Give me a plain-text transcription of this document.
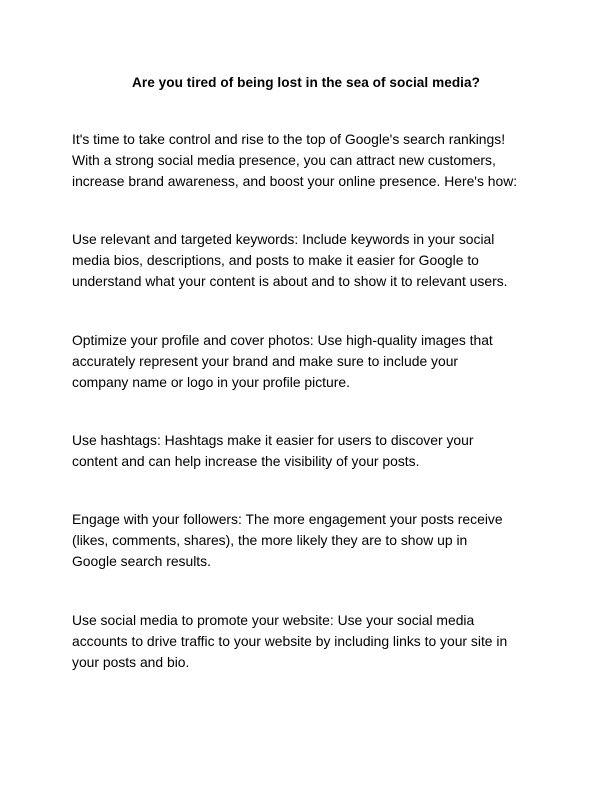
Are you tired of being lost in the sea of social media?
It's time to take control and rise to the top of Google's search rankings!
With a strong social media presence, you can attract new customers,
increase brand awareness, and boost your online presence. Here's how:
Use relevant and targeted keywords: Include keywords in your social
media bios, descriptions, and posts to make it easier for Google to
understand what your content is about and to show it to relevant users.
Optimize your profile and cover photos: Use high-quality images that
accurately represent your brand and make sure to include your
company name or logo in your profile picture.
Use hashtags: Hashtags make it easier for users to discover your
content and can help increase the visibility of your posts.
Engage with your followers: The more engagement your posts receive
(likes, comments, shares), the more likely they are to show up in
Google search results.
Use social media to promote your website: Use your social media
accounts to drive traffic to your website by including links to your site in
your posts and bio.
